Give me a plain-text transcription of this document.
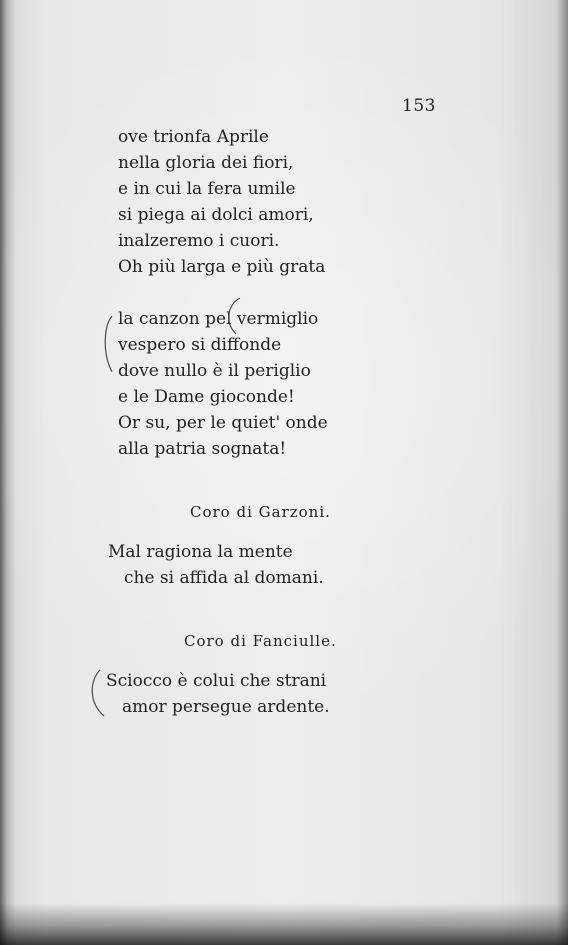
153
ove trionfa Aprile
nella gloria dei fiori,
e in cui la fera umile
si piega ai dolci amori,
inalzeremo i cuori.
Oh più larga e più grata
la canzon pel vermiglio
vespero si diffonde
dove nullo è il periglio
e le Dame gioconde!
Or su, per le quiet' onde
alla patria sognata!
Coro di Garzoni.
Mal ragiona la mente
che si affida al domani.
Coro di Fanciulle.
Sciocco è colui che strani
amor persegue ardente.
